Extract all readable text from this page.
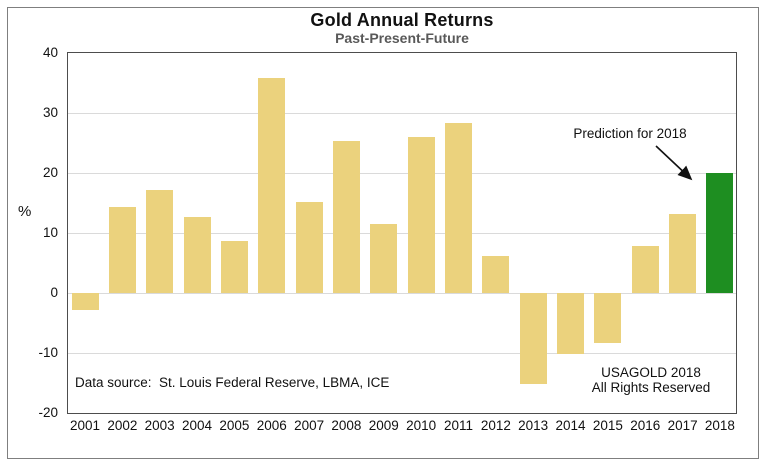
Gold Annual Returns
Past-Present-Future
%
40
30
20
10
0
-10
-20
2001 2002 2003 2004 2005 2006 2007 2008 2009 2010 2011 2012 2013 2014 2015 2016 2017 2018
Prediction for 2018
Data source:  St. Louis Federal Reserve, LBMA, ICE
USAGOLD 2018
All Rights Reserved
